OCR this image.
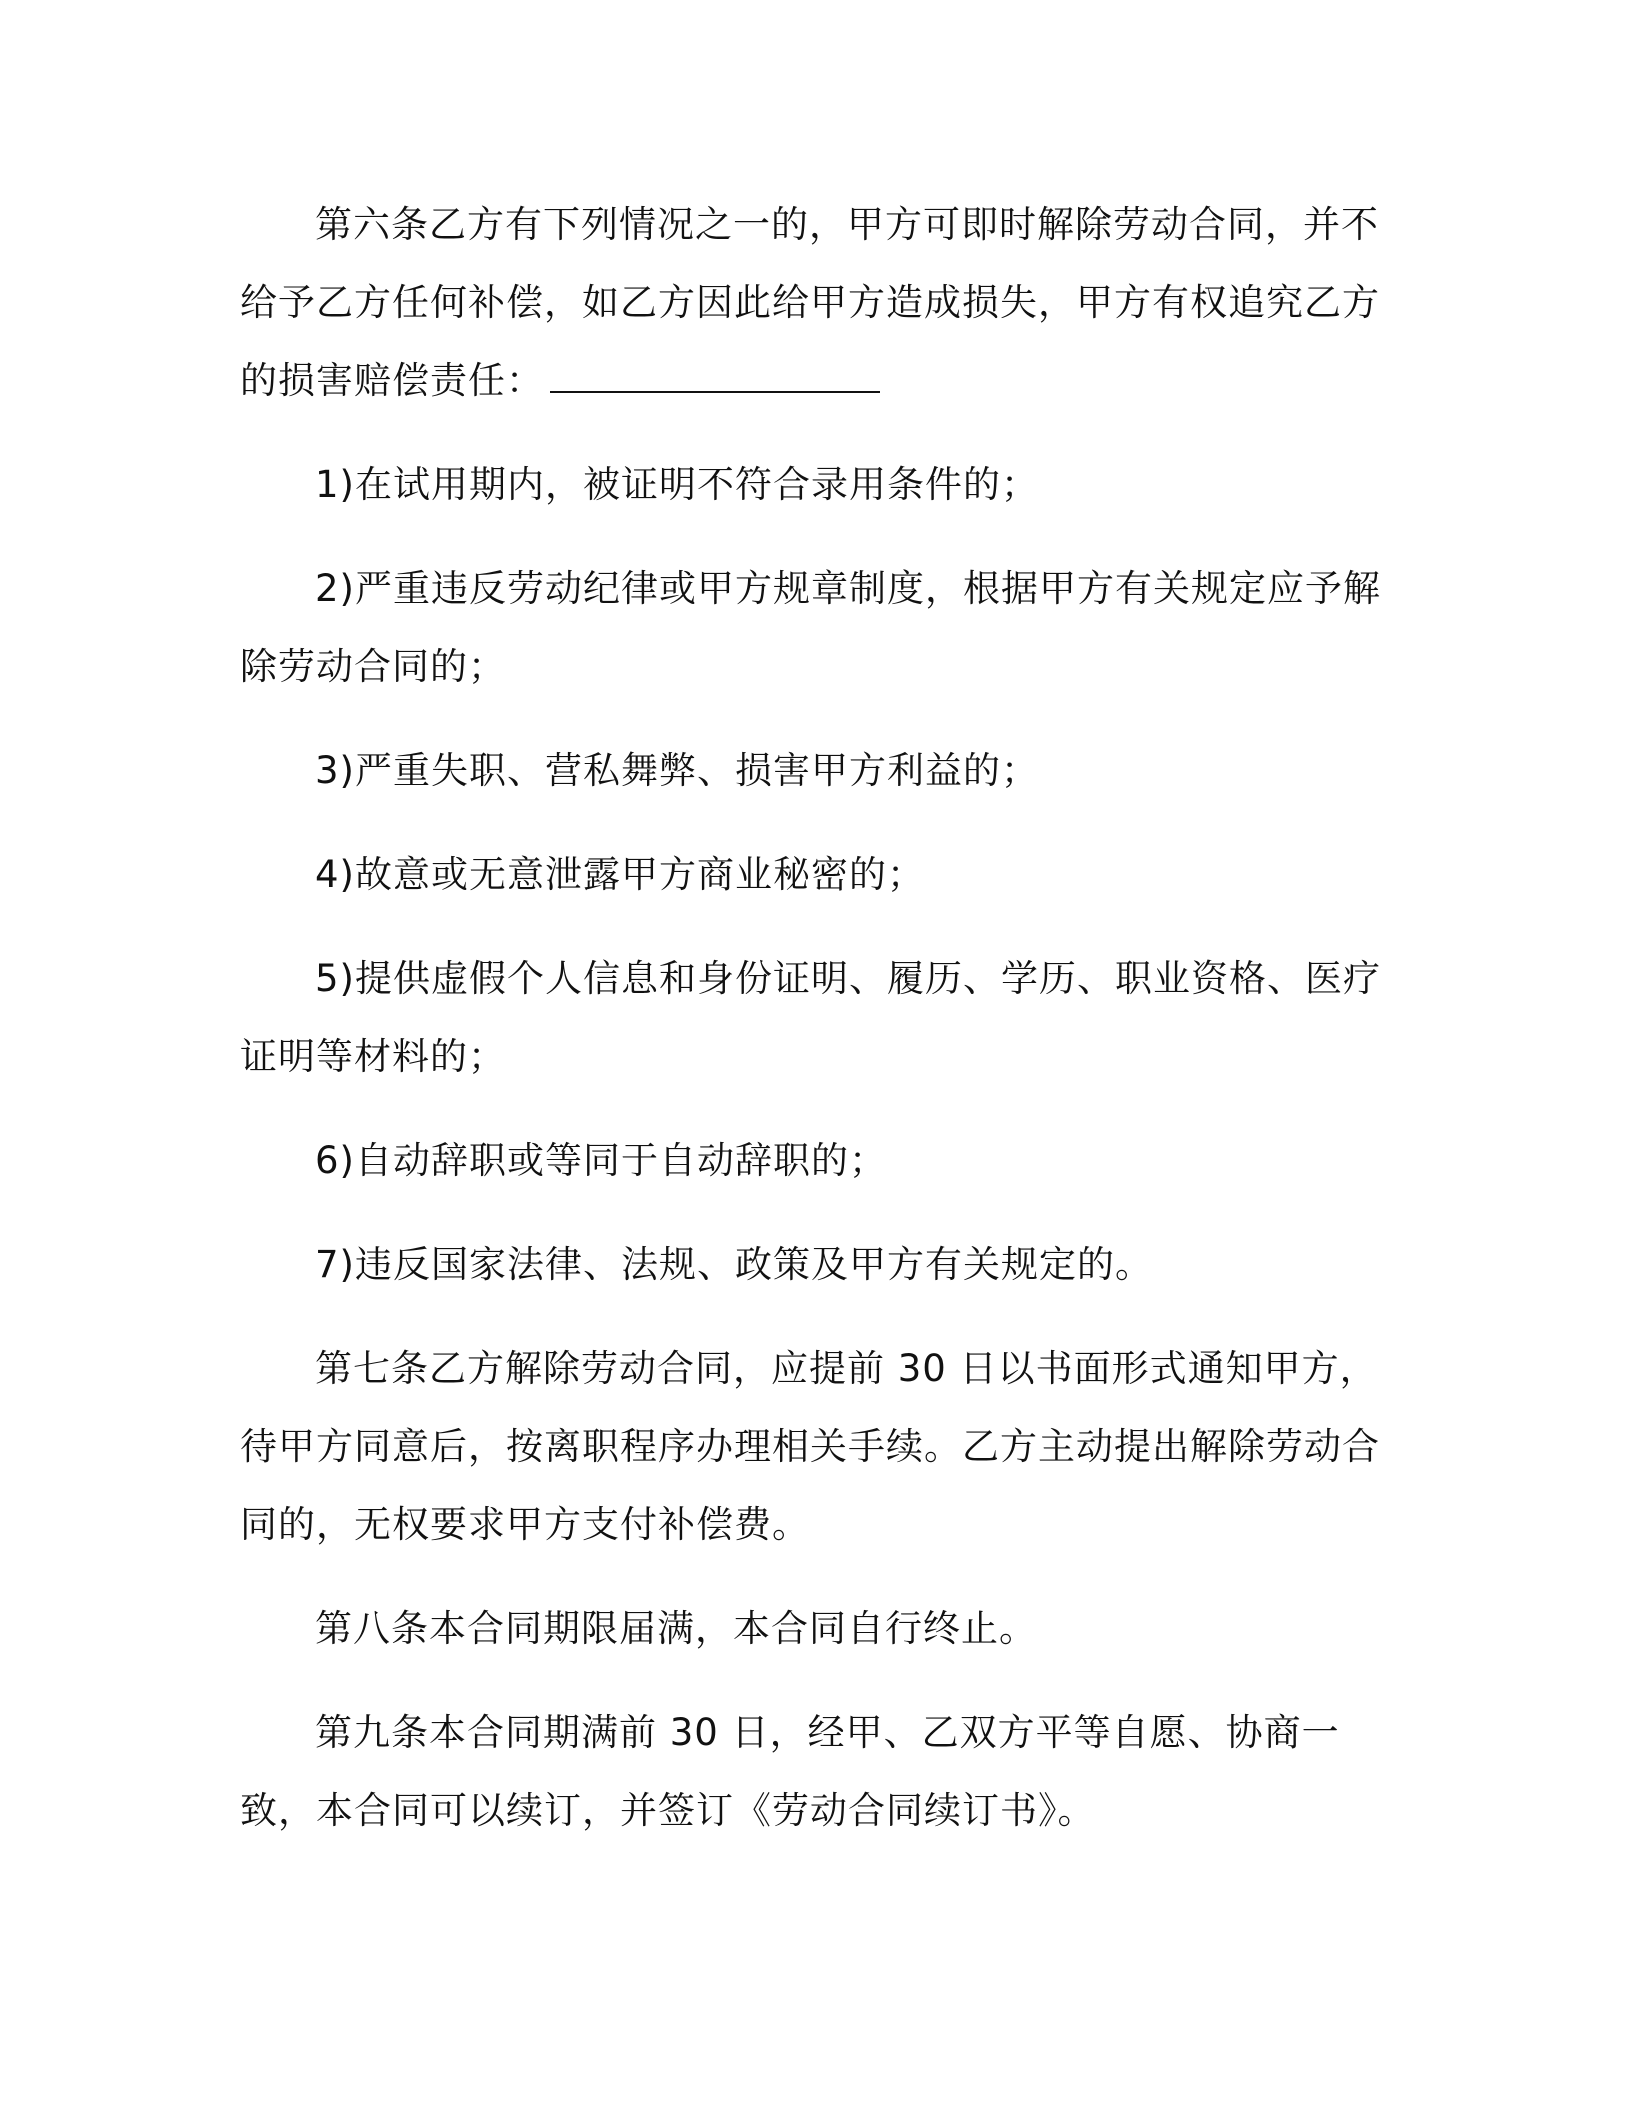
第六条乙方有下列情况之一的，甲方可即时解除劳动合同，并不给予乙方任何补偿，如乙方因此给甲方造成损失，甲方有权追究乙方的损害赔偿责任：

1)在试用期内，被证明不符合录用条件的；

2)严重违反劳动纪律或甲方规章制度，根据甲方有关规定应予解除劳动合同的；

3)严重失职、营私舞弊、损害甲方利益的；

4)故意或无意泄露甲方商业秘密的；

5)提供虚假个人信息和身份证明、履历、学历、职业资格、医疗证明等材料的；

6)自动辞职或等同于自动辞职的；

7)违反国家法律、法规、政策及甲方有关规定的。

第七条乙方解除劳动合同，应提前 30 日以书面形式通知甲方，待甲方同意后，按离职程序办理相关手续。乙方主动提出解除劳动合同的，无权要求甲方支付补偿费。

第八条本合同期限届满，本合同自行终止。

第九条本合同期满前 30 日，经甲、乙双方平等自愿、协商一致，本合同可以续订，并签订《劳动合同续订书》。
